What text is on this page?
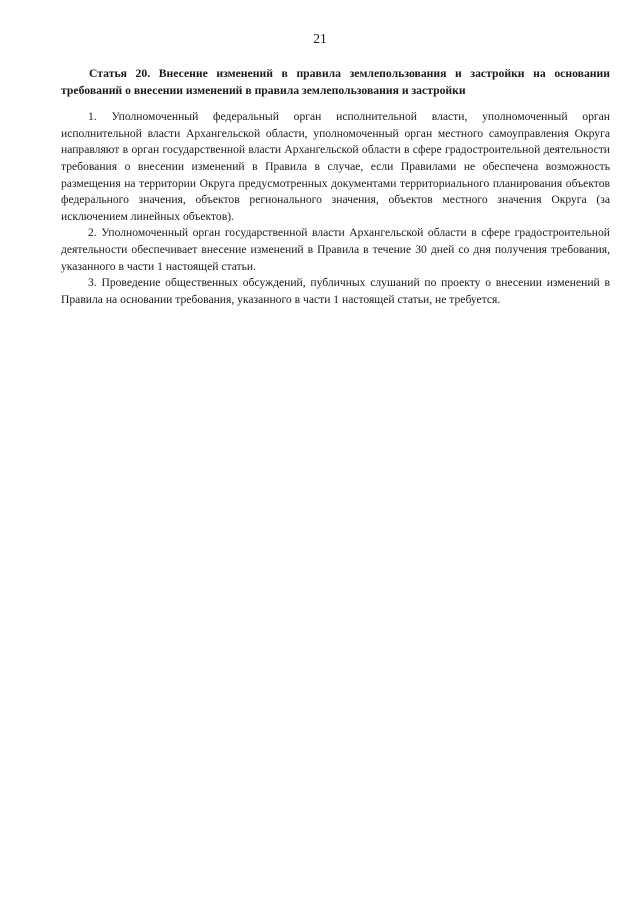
21

Статья 20. Внесение изменений в правила землепользования и застройки на основании требований о внесении изменений в правила землепользования и застройки

1. Уполномоченный федеральный орган исполнительной власти, уполномоченный орган исполнительной власти Архангельской области, уполномоченный орган местного самоуправления Округа направляют в орган государственной власти Архангельской области в сфере градостроительной деятельности требования о внесении изменений в Правила в случае, если Правилами не обеспечена возможность размещения на территории Округа предусмотренных документами территориального планирования объектов федерального значения, объектов регионального значения, объектов местного значения Округа (за исключением линейных объектов).

2. Уполномоченный орган государственной власти Архангельской области в сфере градостроительной деятельности обеспечивает внесение изменений в Правила в течение 30 дней со дня получения требования, указанного в части 1 настоящей статьи.

3. Проведение общественных обсуждений, публичных слушаний по проекту о внесении изменений в Правила на основании требования, указанного в части 1 настоящей статьи, не требуется.
